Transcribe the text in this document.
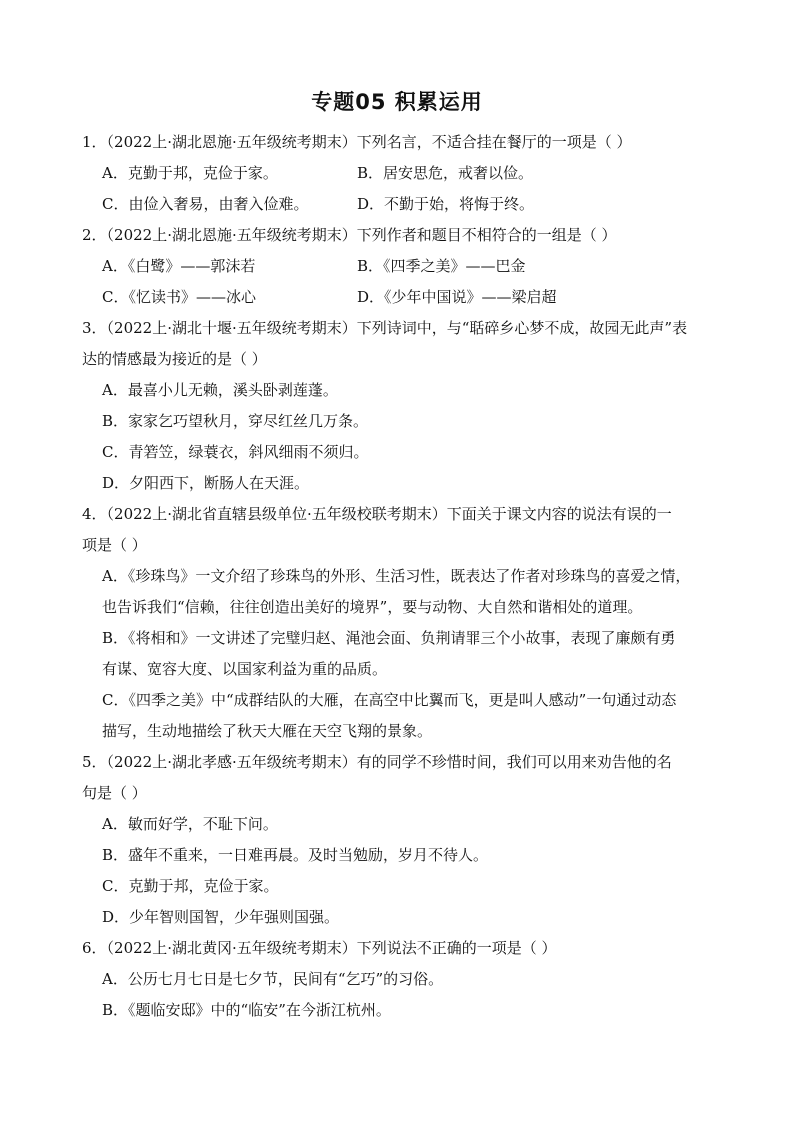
专题05 积累运用
1．（2022上·湖北恩施·五年级统考期末）下列名言，不适合挂在餐厅的一项是（ ）
A．克勤于邦，克俭于家。	B．居安思危，戒奢以俭。
C．由俭入奢易，由奢入俭难。	D．不勤于始，将悔于终。
2．（2022上·湖北恩施·五年级统考期末）下列作者和题目不相符合的一组是（ ）
A．《白鹭》——郭沫若	B．《四季之美》——巴金
C．《忆读书》——冰心	D．《少年中国说》——梁启超
3．（2022上·湖北十堰·五年级统考期末）下列诗词中，与“聒碎乡心梦不成，故园无此声”表
达的情感最为接近的是（ ）
A．最喜小儿无赖，溪头卧剥莲蓬。
B．家家乞巧望秋月，穿尽红丝几万条。
C．青箬笠，绿蓑衣，斜风细雨不须归。
D．夕阳西下，断肠人在天涯。
4．（2022上·湖北省直辖县级单位·五年级校联考期末）下面关于课文内容的说法有误的一
项是（ ）
A．《珍珠鸟》一文介绍了珍珠鸟的外形、生活习性，既表达了作者对珍珠鸟的喜爱之情，
也告诉我们“信赖，往往创造出美好的境界”，要与动物、大自然和谐相处的道理。
B．《将相和》一文讲述了完璧归赵、渑池会面、负荆请罪三个小故事，表现了廉颇有勇
有谋、宽容大度、以国家利益为重的品质。
C．《四季之美》中“成群结队的大雁，在高空中比翼而飞，更是叫人感动”一句通过动态
描写，生动地描绘了秋天大雁在天空飞翔的景象。
5．（2022上·湖北孝感·五年级统考期末）有的同学不珍惜时间，我们可以用来劝告他的名
句是（ ）
A．敏而好学，不耻下问。
B．盛年不重来，一日难再晨。及时当勉励，岁月不待人。
C．克勤于邦，克俭于家。
D．少年智则国智，少年强则国强。
6．（2022上·湖北黄冈·五年级统考期末）下列说法不正确的一项是（ ）
A．公历七月七日是七夕节，民间有“乞巧”的习俗。
B．《题临安邸》中的“临安”在今浙江杭州。
